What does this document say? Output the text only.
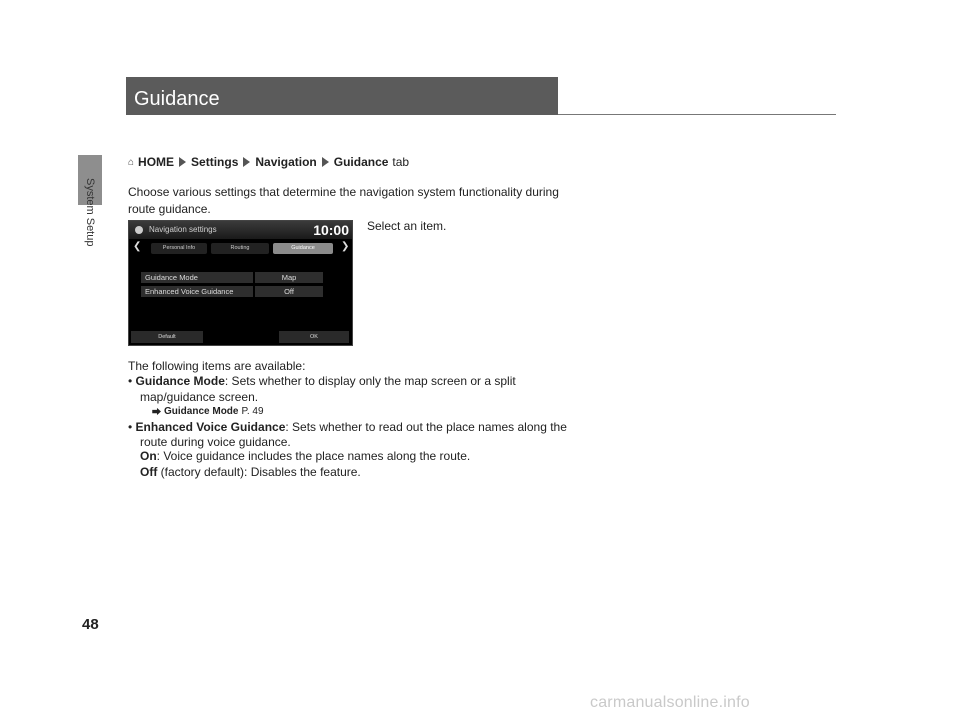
System Setup
48
Guidance
⌂ HOME Settings Navigation Guidance tab

Choose various settings that determine the navigation system functionality during

route guidance.

Navigation settings	10:00
❮	Personal Info	Routing	Guidance	❯
Guidance Mode	Map
Enhanced Voice Guidance	Off
Default	OK
Select an item.

The following items are available:

• Guidance Mode: Sets whether to display only the map screen or a split

map/guidance screen.

⮕ Guidance Mode P. 49

• Enhanced Voice Guidance: Sets whether to read out the place names along the

route during voice guidance.

On: Voice guidance includes the place names along the route.

Off (factory default): Disables the feature.

carmanualsonline.info
